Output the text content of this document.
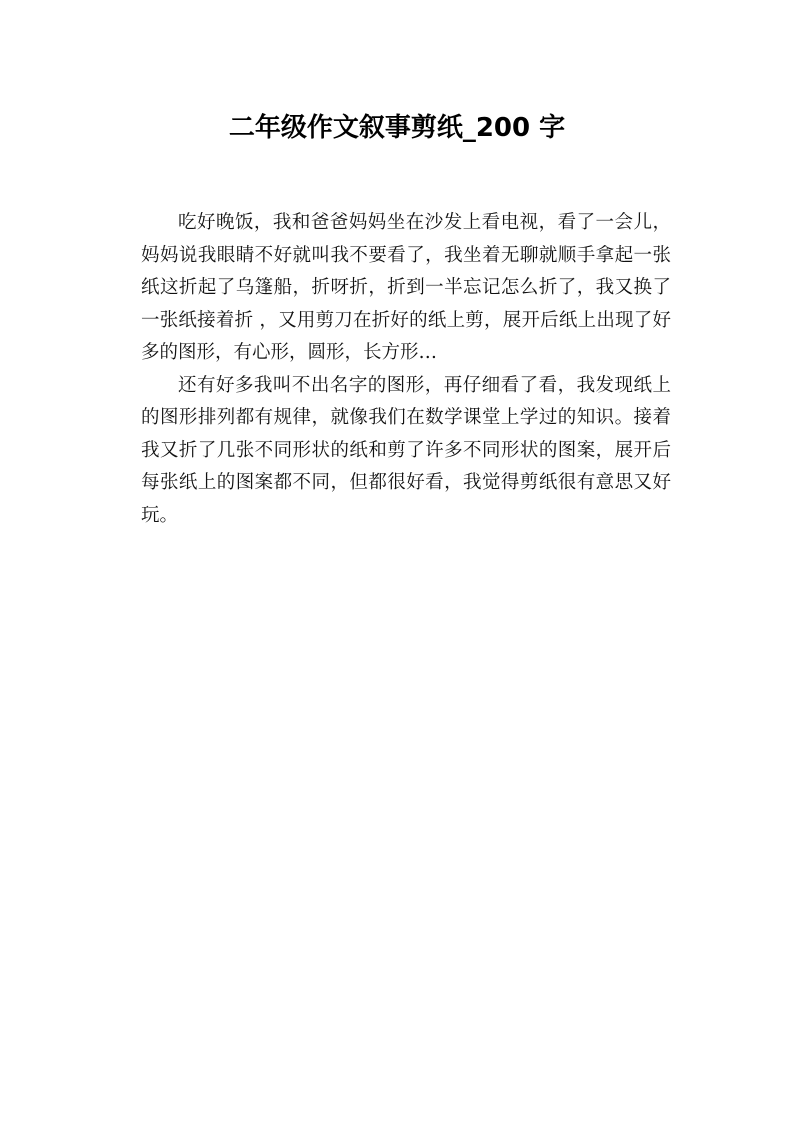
二年级作文叙事剪纸_200 字

吃好晚饭，我和爸爸妈妈坐在沙发上看电视，看了一会儿，妈妈说我眼睛不好就叫我不要看了，我坐着无聊就顺手拿起一张纸这折起了乌篷船，折呀折，折到一半忘记怎么折了，我又换了一张纸接着折 ，又用剪刀在折好的纸上剪，展开后纸上出现了好多的图形，有心形，圆形，长方形…

还有好多我叫不出名字的图形，再仔细看了看，我发现纸上的图形排列都有规律，就像我们在数学课堂上学过的知识。接着我又折了几张不同形状的纸和剪了许多不同形状的图案，展开后每张纸上的图案都不同，但都很好看，我觉得剪纸很有意思又好玩。
